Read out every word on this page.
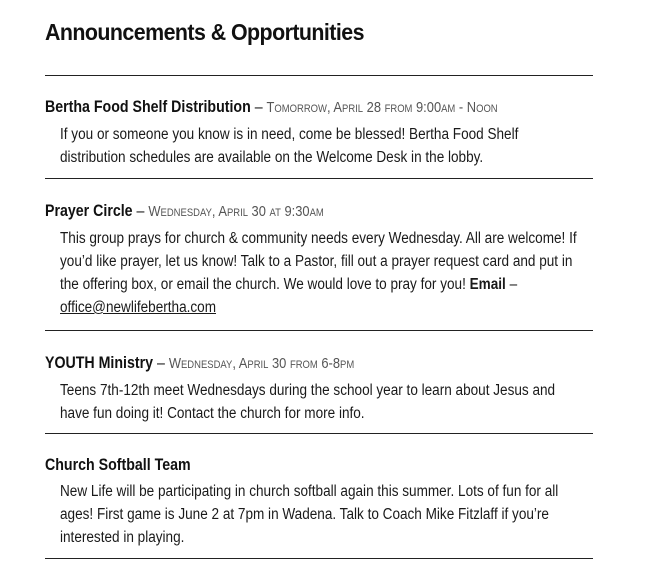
Announcements & Opportunities

Bertha Food Shelf Distribution – Tomorrow, April 28 from 9:00am - Noon

If you or someone you know is in need, come be blessed! Bertha Food Shelf distribution schedules are available on the Welcome Desk in the lobby.

Prayer Circle – Wednesday, April 30 at 9:30am

This group prays for church & community needs every Wednesday. All are welcome! If you’d like prayer, let us know! Talk to a Pastor, fill out a prayer request card and put in the offering box, or email the church. We would love to pray for you! Email – office@newlifebertha.com

YOUTH Ministry – Wednesday, April 30 from 6-8pm

Teens 7th-12th meet Wednesdays during the school year to learn about Jesus and have fun doing it! Contact the church for more info.

Church Softball Team

New Life will be participating in church softball again this summer. Lots of fun for all ages! First game is June 2 at 7pm in Wadena. Talk to Coach Mike Fitzlaff if you’re interested in playing.
